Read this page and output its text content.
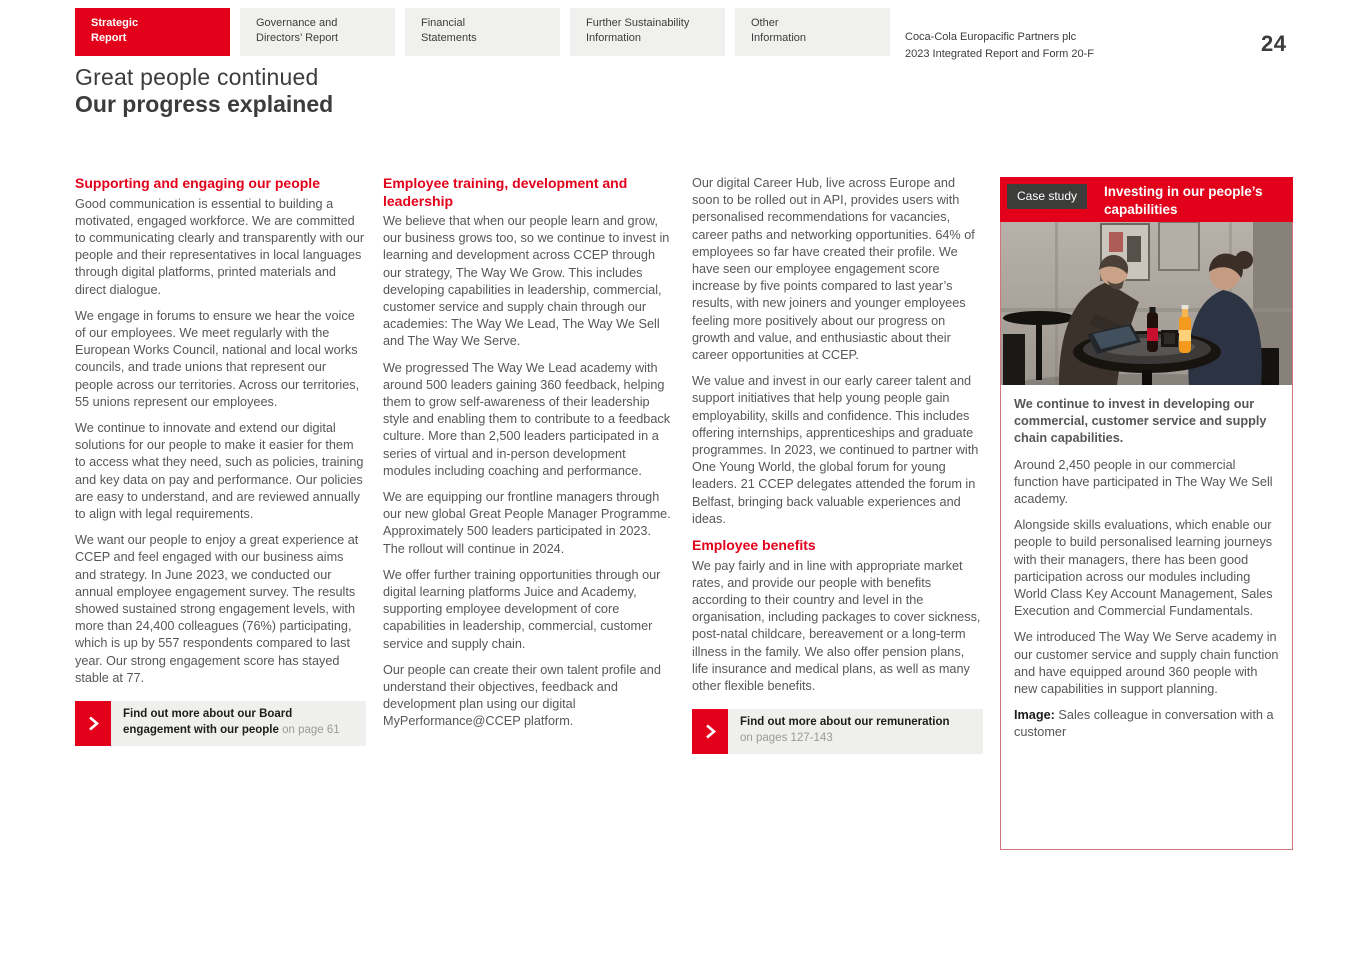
Strategic
Report
Governance and
Directors’ Report
Financial
Statements
Further Sustainability
Information
Other
Information	Coca-Cola Europacific Partners plc
2023 Integrated Report and Form 20-F	24
Great people continued
Our progress explained
Supporting and engaging our people

Good communication is essential to building a motivated, engaged workforce. We are committed to communicating clearly and transparently with our people and their representatives in local languages through digital platforms, printed materials and direct dialogue.

We engage in forums to ensure we hear the voice of our employees. We meet regularly with the European Works Council, national and local works councils, and trade unions that represent our people across our territories. Across our territories, 55 unions represent our employees.

We continue to innovate and extend our digital solutions for our people to make it easier for them to access what they need, such as policies, training and key data on pay and performance. Our policies are easy to understand, and are reviewed annually to align with legal requirements.

We want our people to enjoy a great experience at CCEP and feel engaged with our business aims and strategy. In June 2023, we conducted our annual employee engagement survey. The results showed sustained strong engagement levels, with more than 24,400 colleagues (76%) participating, which is up by 557 respondents compared to last year. Our strong engagement score has stayed stable at 77.

Find out more about our Board engagement with our people on page 61
Employee training, development and leadership

We believe that when our people learn and grow, our business grows too, so we continue to invest in learning and development across CCEP through our strategy, The Way We Grow. This includes developing capabilities in leadership, commercial, customer service and supply chain through our academies: The Way We Lead, The Way We Sell and The Way We Serve.

We progressed The Way We Lead academy with around 500 leaders gaining 360 feedback, helping them to grow self-awareness of their leadership style and enabling them to contribute to a feedback culture. More than 2,500 leaders participated in a series of virtual and in-person development modules including coaching and performance.

We are equipping our frontline managers through our new global Great People Manager Programme. Approximately 500 leaders participated in 2023. The rollout will continue in 2024.

We offer further training opportunities through our digital learning platforms Juice and Academy, supporting employee development of core capabilities in leadership, commercial, customer service and supply chain.

Our people can create their own talent profile and understand their objectives, feedback and development plan using our digital MyPerformance@CCEP platform.

Our digital Career Hub, live across Europe and soon to be rolled out in API, provides users with personalised recommendations for vacancies, career paths and networking opportunities. 64% of employees so far have created their profile. We have seen our employee engagement score increase by five points compared to last year’s results, with new joiners and younger employees feeling more positively about our progress on growth and value, and enthusiastic about their career opportunities at CCEP.

We value and invest in our early career talent and support initiatives that help young people gain employability, skills and confidence. This includes offering internships, apprenticeships and graduate programmes. In 2023, we continued to partner with One Young World, the global forum for young leaders. 21 CCEP delegates attended the forum in Belfast, bringing back valuable experiences and ideas.

Employee benefits

We pay fairly and in line with appropriate market rates, and provide our people with benefits according to their country and level in the organisation, including packages to cover sickness, post-natal childcare, bereavement or a long-term illness in the family. We also offer pension plans, life insurance and medical plans, as well as many other flexible benefits.

Find out more about our remuneration
on pages 127-143
Case study	Investing in our people’s capabilities

We continue to invest in developing our commercial, customer service and supply chain capabilities.

Around 2,450 people in our commercial function have participated in The Way We Sell academy.

Alongside skills evaluations, which enable our people to build personalised learning journeys with their managers, there has been good participation across our modules including World Class Key Account Management, Sales Execution and Commercial Fundamentals.

We introduced The Way We Serve academy in our customer service and supply chain function and have equipped around 360 people with new capabilities in support planning.

Image: Sales colleague in conversation with a customer
